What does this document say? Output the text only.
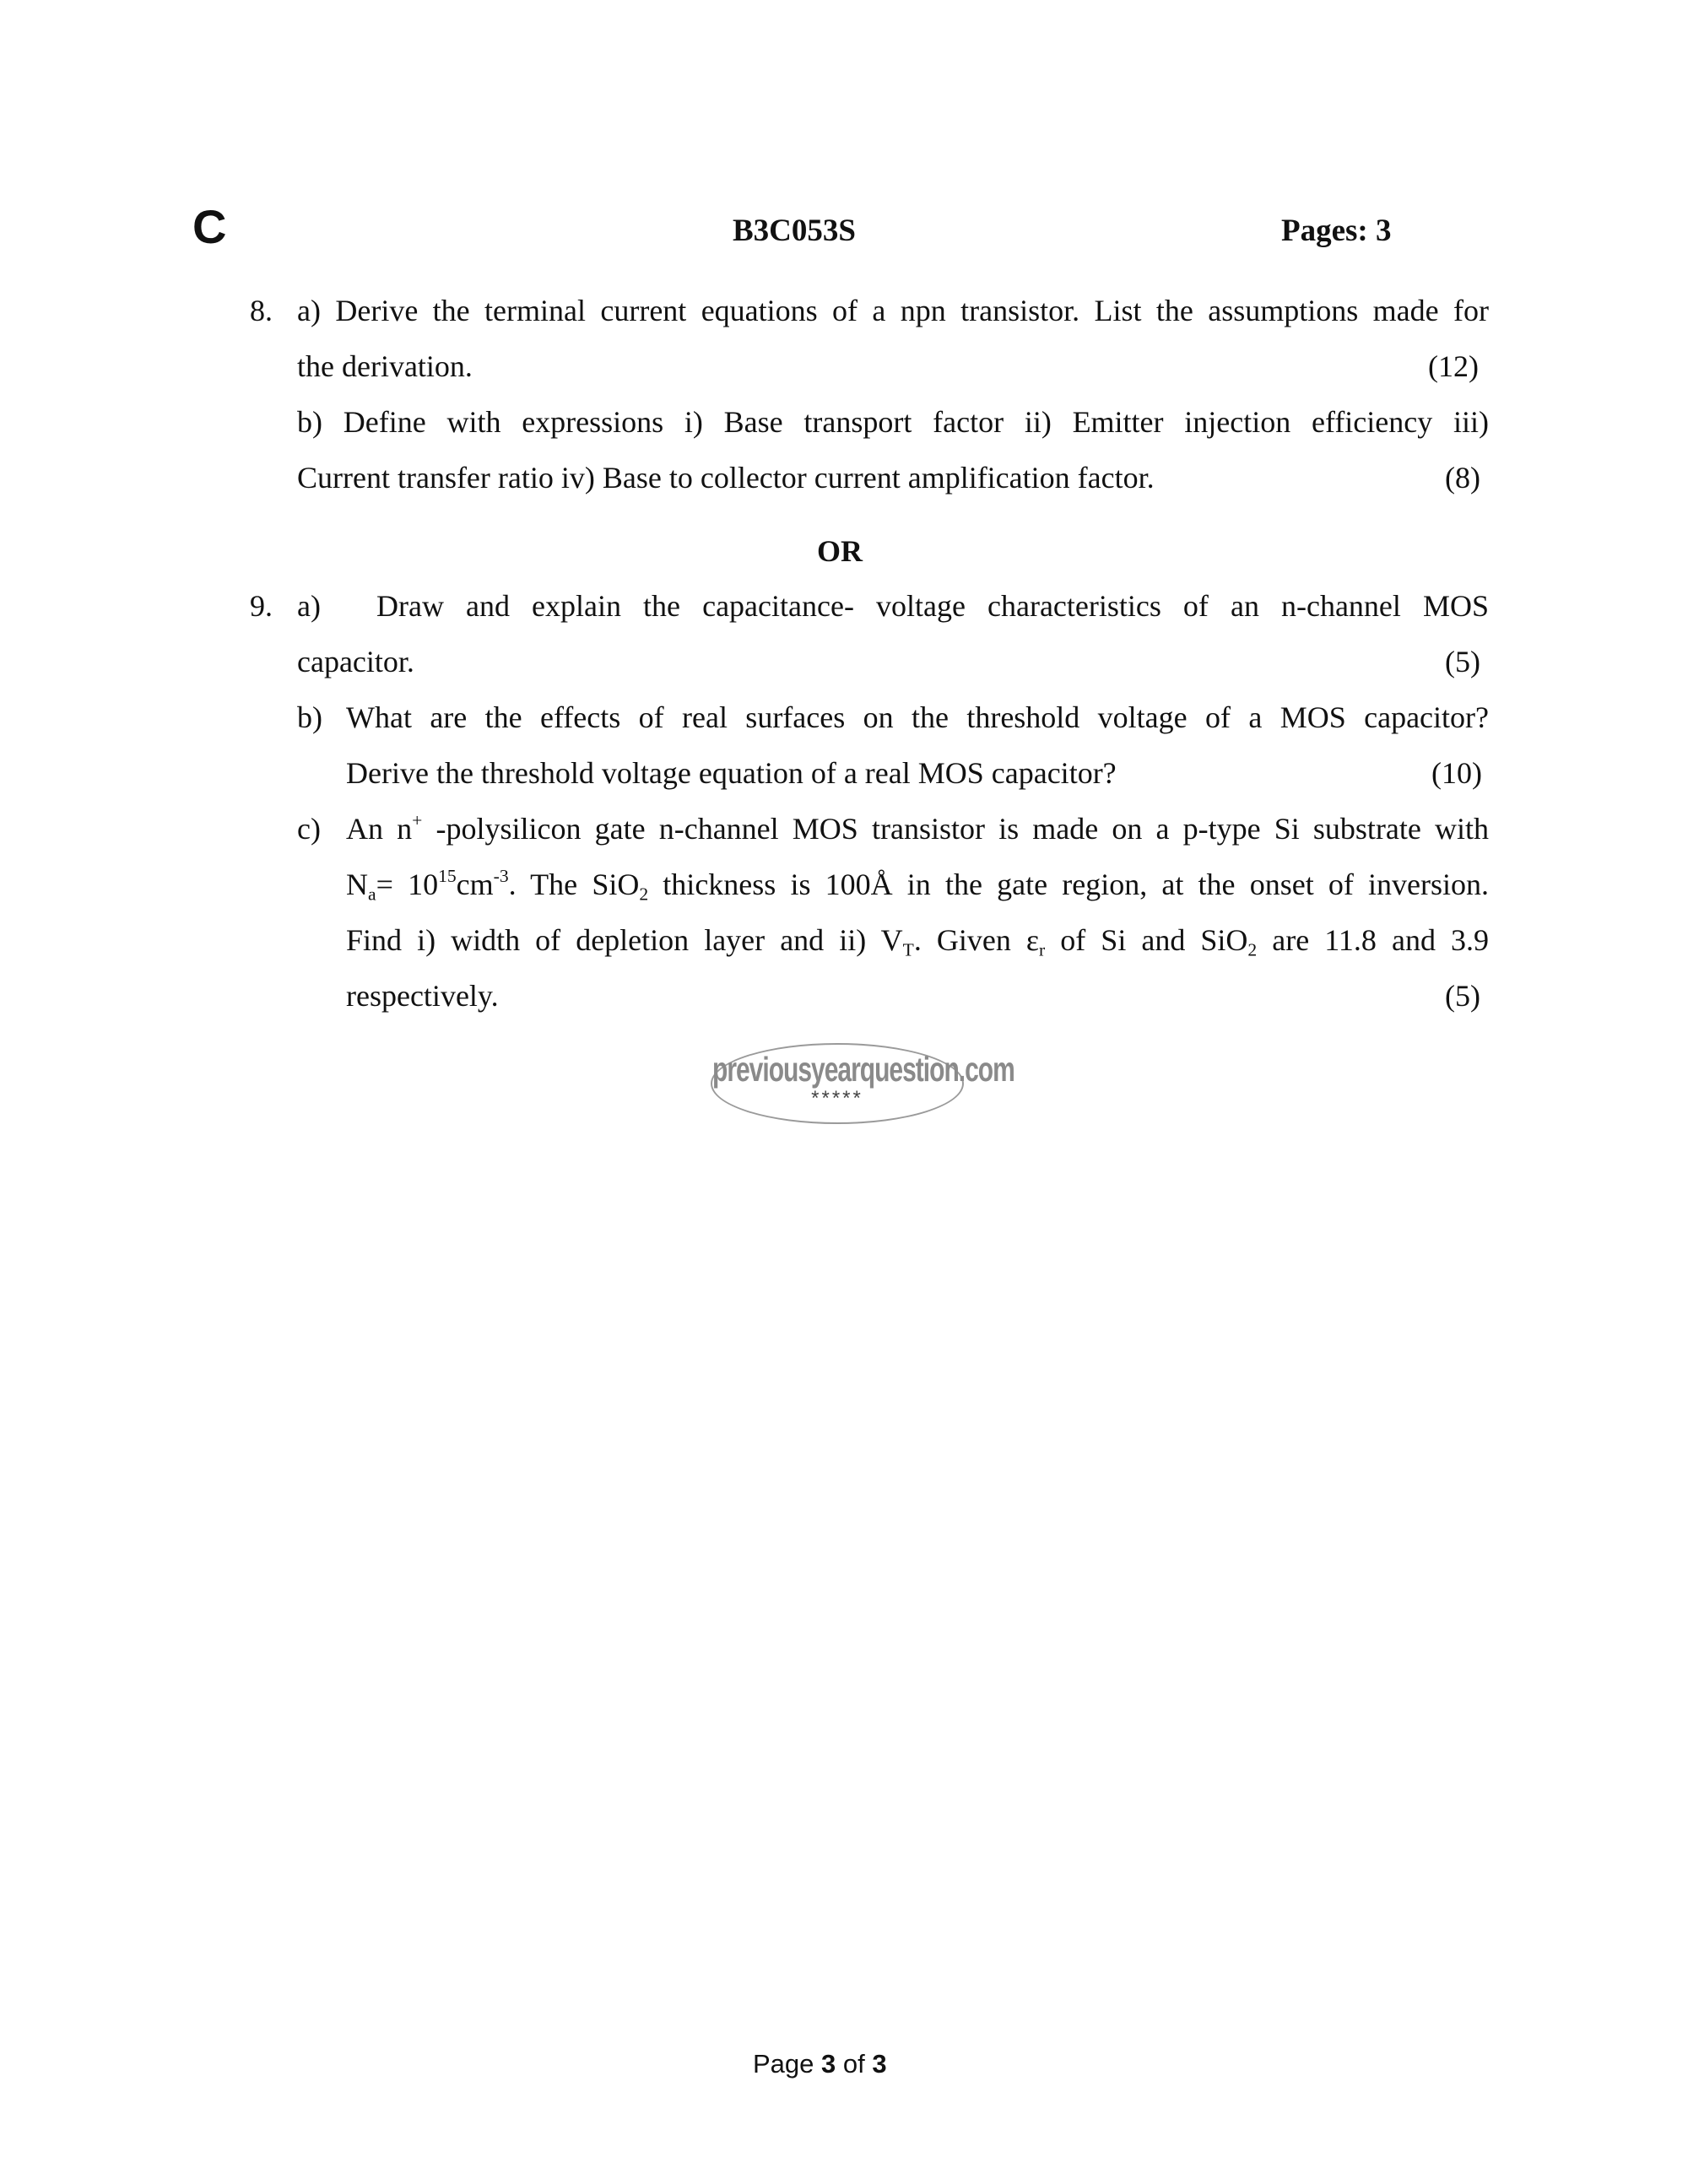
C	B3C053S	Pages: 3
8. a) Derive the terminal current equations of a npn transistor. List the assumptions made for
the derivation.	(12)
b) Define with expressions i) Base transport factor ii) Emitter injection efficiency iii)
Current transfer ratio iv) Base to collector current amplification factor.	(8)
OR
9. a) Draw and explain the capacitance- voltage characteristics of an n-channel MOS
capacitor.	(5)
b) What are the effects of real surfaces on the threshold voltage of a MOS capacitor?
Derive the threshold voltage equation of a real MOS capacitor?	(10)
c) An n+ -polysilicon gate n-channel MOS transistor is made on a p-type Si substrate with
$N_a= 10^{15}cm^{-3}$. The SiO$_2$ thickness is 100Å in the gate region, at the onset of inversion.
Find i) width of depletion layer and ii) $V_T$. Given $\varepsilon_r$ of Si and SiO$_2$ are 11.8 and 3.9
respectively.	(5)
previousyearquestion.com
*****
Page 3 of 3
